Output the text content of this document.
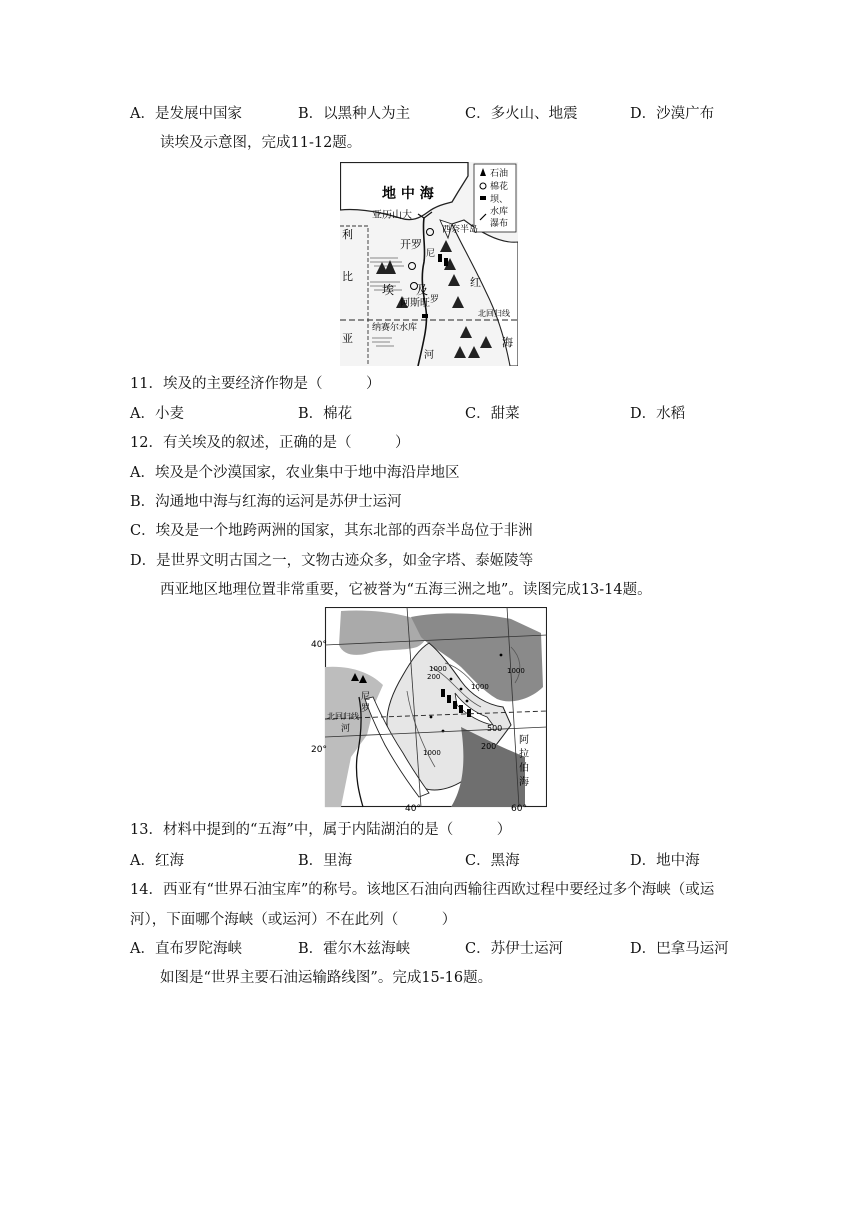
A．是发展中国家	B．以黑种人为主	C．多火山、地震	D．沙漠广布
读埃及示意图，完成11-12题。
石油
棉花
坝、
水库
瀑布
地 中 海
亚历山大
开罗
西奈半岛
利
比
亚
埃 及
阿斯旺
纳赛尔水库
红
海
尼
罗
河
北回归线
11．埃及的主要经济作物是（　　　）
A．小麦	B．棉花	C．甜菜	D．水稻
12．有关埃及的叙述，正确的是（　　　）
A．埃及是个沙漠国家，农业集中于地中海沿岸地区
B．沟通地中海与红海的运河是苏伊士运河
C．埃及是一个地跨两洲的国家，其东北部的西奈半岛位于非洲
D．是世界文明古国之一，文物古迹众多，如金字塔、泰姬陵等
西亚地区地理位置非常重要，它被誉为“五海三洲之地”。读图完成13-14题。
40°
20°
40°	60°
尼
罗
北回归线
河
阿
拉
伯
海
1000
1000
1000
200
200
500
1000
13．材料中提到的“五海”中，属于内陆湖泊的是（　　　）
A．红海	B．里海	C．黑海	D．地中海
14．西亚有“世界石油宝库”的称号。该地区石油向西输往西欧过程中要经过多个海峡（或运
河），下面哪个海峡（或运河）不在此列（　　　）
A．直布罗陀海峡	B．霍尔木兹海峡	C．苏伊士运河	D．巴拿马运河
如图是“世界主要石油运输路线图”。完成15-16题。
